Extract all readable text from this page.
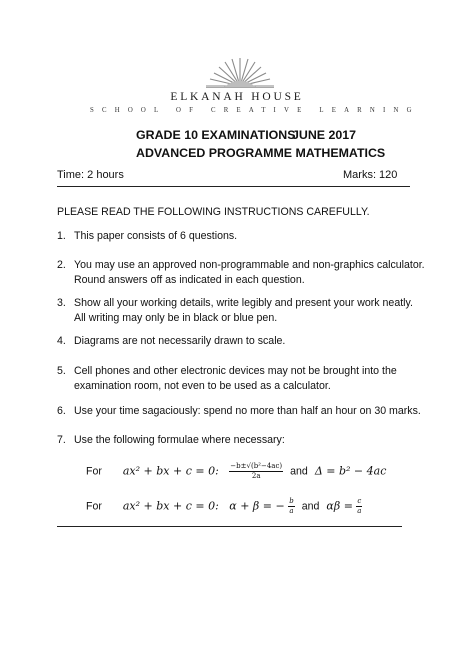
ELKANAH HOUSE
SCHOOL OF CREATIVE LEARNING
GRADE 10 EXAMINATIONS
JUNE 2017
ADVANCED PROGRAMME MATHEMATICS
Time: 2 hours	Marks: 120
PLEASE READ THE FOLLOWING INSTRUCTIONS CAREFULLY.
1. This paper consists of 6 questions.
2. You may use an approved non-programmable and non-graphics calculator.
Round answers off as indicated in each question.
3. Show all your working details, write legibly and present your work neatly.
All writing may only be in black or blue pen.
4. Diagrams are not necessarily drawn to scale.
5. Cell phones and other electronic devices may not be brought into the
examination room, not even to be used as a calculator.
6. Use your time sagaciously: spend no more than half an hour on 30 marks.
7. Use the following formulae where necessary:
For ax² + bx + c = 0: $\frac{\text{−b±√(b²−4ac)}}{2a}$ and Δ = b² − 4ac
For ax² + bx + c = 0: α + β = − $\frac{b}{a}$ and $\alpha\beta = \frac{c}{a}$
